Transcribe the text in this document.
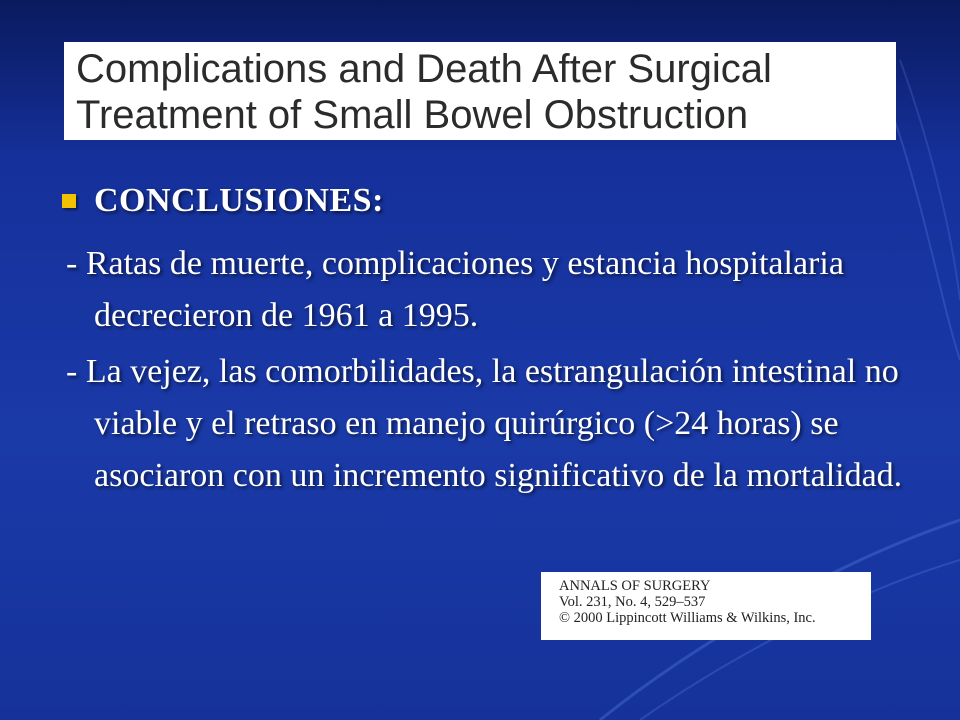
Complications and Death After Surgical
Treatment of Small Bowel Obstruction
CONCLUSIONES:

- Ratas de muerte, complicaciones y estancia hospitalaria decrecieron de 1961 a 1995.

- La vejez, las comorbilidades, la estrangulación intestinal no viable y el retraso en manejo quirúrgico (>24 horas) se asociaron con un incremento significativo de la mortalidad.

ANNALS OF SURGERY
Vol. 231, No. 4, 529–537
© 2000 Lippincott Williams & Wilkins, Inc.
